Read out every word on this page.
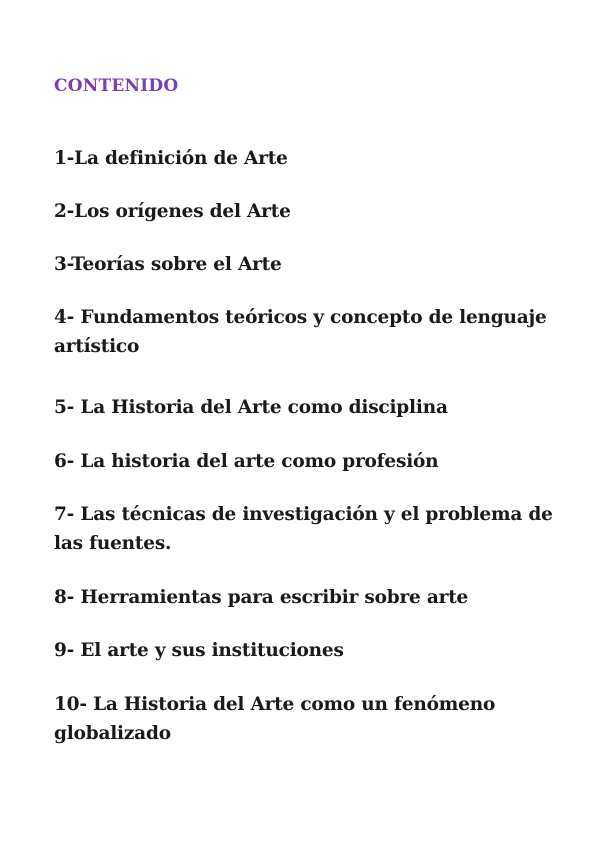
CONTENIDO
1-La definición de Arte
2-Los orígenes del Arte
3-Teorías sobre el Arte
4- Fundamentos teóricos y concepto de lenguaje artístico
5- La Historia del Arte como disciplina
6- La historia del arte como profesión
7- Las técnicas de investigación y el problema de las fuentes.
8- Herramientas para escribir sobre arte
9- El arte y sus instituciones
10- La Historia del Arte como un fenómeno globalizado
